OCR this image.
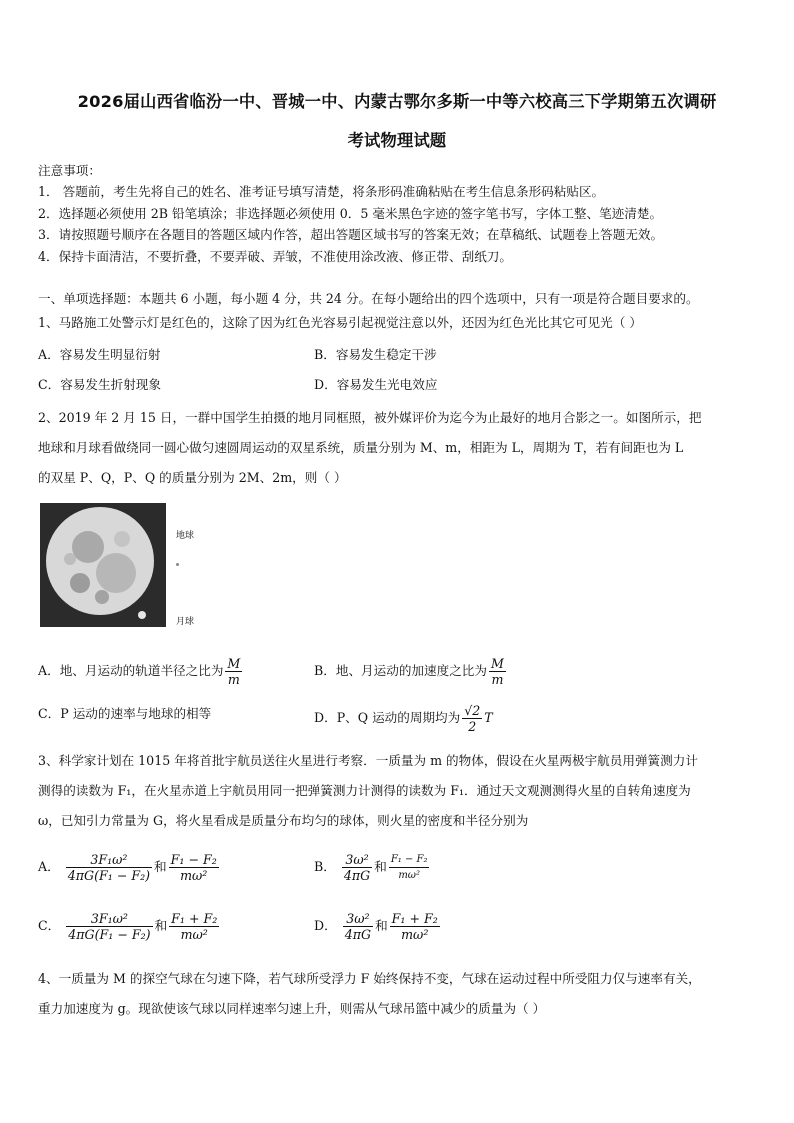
2026届山西省临汾一中、晋城一中、内蒙古鄂尔多斯一中等六校高三下学期第五次调研
考试物理试题
注意事项：
1． 答题前，考生先将自己的姓名、准考证号填写清楚，将条形码准确粘贴在考生信息条形码粘贴区。
2．选择题必须使用 2B 铅笔填涂；非选择题必须使用 0．5 毫米黑色字迹的签字笔书写，字体工整、笔迹清楚。
3．请按照题号顺序在各题目的答题区域内作答，超出答题区域书写的答案无效；在草稿纸、试题卷上答题无效。
4．保持卡面清洁，不要折叠，不要弄破、弄皱，不准使用涂改液、修正带、刮纸刀。
一、单项选择题：本题共 6 小题，每小题 4 分，共 24 分。在每小题给出的四个选项中，只有一项是符合题目要求的。
1、马路施工处警示灯是红色的，这除了因为红色光容易引起视觉注意以外，还因为红色光比其它可见光（ ）
A．容易发生明显衍射	B．容易发生稳定干涉
C．容易发生折射现象	D．容易发生光电效应
2、2019 年 2 月 15 日，一群中国学生拍摄的地月同框照，被外媒评价为迄今为止最好的地月合影之一。如图所示，把
地球和月球看做绕同一圆心做匀速圆周运动的双星系统，质量分别为 M、m，相距为 L，周期为 T，若有间距也为 L
的双星 P、Q，P、Q 的质量分别为 2M、2m，则（ ）
地球
月球
A．地、月运动的轨道半径之比为 $\frac{M}{m}$	B．地、月运动的加速度之比为 $\frac{M}{m}$
C．P 运动的速率与地球的相等	D．P、Q 运动的周期均为 $\frac{√2}{2}$ T
3、科学家计划在 1015 年将首批宇航员送往火星进行考察．一质量为 m 的物体，假设在火星两极宇航员用弹簧测力计
测得的读数为 F₁，在火星赤道上宇航员用同一把弹簧测力计测得的读数为 F₁．通过天文观测测得火星的自转角速度为
ω，已知引力常量为 G，将火星看成是质量分布均匀的球体，则火星的密度和半径分别为
A． $\frac{\text{3F₁ω²}}{\text{4πG(F₁ − F₂)}}$ 和 $\frac{\text{F₁ − F₂}}{\text{mω²}}$	B． $\frac{\text{3ω²}}{4\pi G}$ 和 $\frac{\text{F₁ − F₂}}{\text{mω²}}$
C． $\frac{\text{3F₁ω²}}{\text{4πG(F₁ − F₂)}}$ 和 $\frac{\text{F₁ + F₂}}{\text{mω²}}$	D． $\frac{\text{3ω²}}{4\pi G}$ 和 $\frac{\text{F₁ + F₂}}{\text{mω²}}$
4、一质量为 M 的探空气球在匀速下降，若气球所受浮力 F 始终保持不变，气球在运动过程中所受阻力仅与速率有关，
重力加速度为 g。现欲使该气球以同样速率匀速上升，则需从气球吊篮中减少的质量为（ ）
